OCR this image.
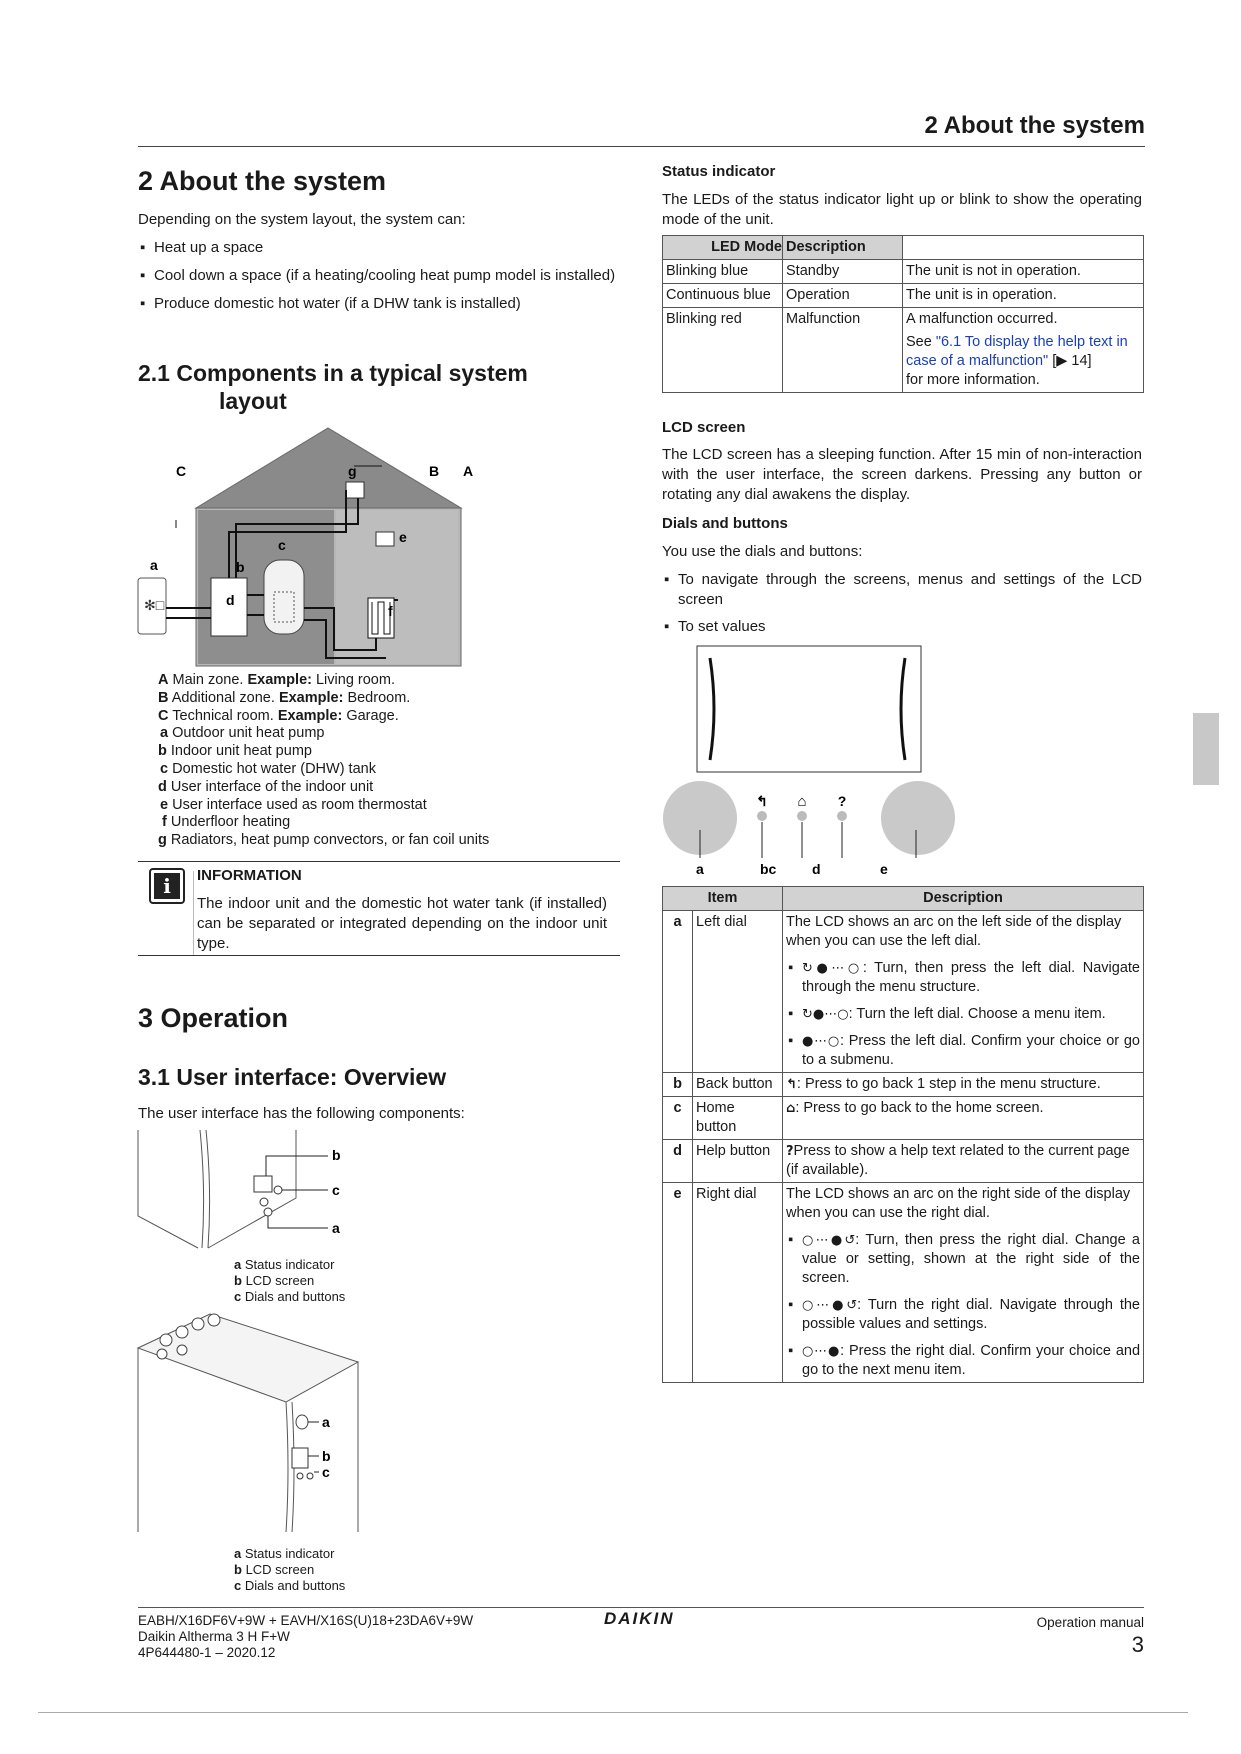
2 About the system
2 About the system
Depending on the system layout, the system can:
▪ Heat up a space
▪ Cool down a space (if a heating/cooling heat pump model is installed)
▪ Produce domestic hot water (if a DHW tank is installed)
2.1 Components in a typical system
layout
✻□
C	g	B A
a	b
c
d
e
f
A Main zone. Example: Living room.
B Additional zone. Example: Bedroom.
C Technical room. Example: Garage.
a Outdoor unit heat pump
b Indoor unit heat pump
c Domestic hot water (DHW) tank
d User interface of the indoor unit
e User interface used as room thermostat
f Underfloor heating
g Radiators, heat pump convectors, or fan coil units
i	INFORMATION
The indoor unit and the domestic hot water tank (if installed) can be separated or integrated depending on the indoor unit type.
3 Operation
3.1 User interface: Overview
The user interface has the following components:
b
c
a
a Status indicator
b LCD screen
c Dials and buttons
a
b
c
a Status indicator
b LCD screen
c Dials and buttons
Status indicator
The LEDs of the status indicator light up or blink to show the operating mode of the unit.
LED Mode	Description	
Blinking blue	Standby	The unit is not in operation.
Continuous blue	Operation	The unit is in operation.
Blinking red	Malfunction	A malfunction occurred.
See "6.1 To display the help text in case of a malfunction" [▶ 14]
for more information.
LCD screen
The LCD screen has a sleeping function. After 15 min of non-interaction with the user interface, the screen darkens. Pressing any button or rotating any dial awakens the display.
Dials and buttons
You use the dials and buttons:
▪ To navigate through the screens, menus and settings of the LCD screen
▪ To set values
↰ ⌂ ?
a	bc	d	e
Item		Description
a	Left dial	The LCD shows an arc on the left side of the display when you can use the left dial.
▪ ↻●⋯○: Turn, then press the left dial. Navigate through the menu structure.
▪ ↻●⋯○: Turn the left dial. Choose a menu item.
▪ ●⋯○: Press the left dial. Confirm your choice or go to a submenu.

b	Back button	↰: Press to go back 1 step in the menu structure.
c	Home button	⌂: Press to go back to the home screen.
d	Help button	?Press to show a help text related to the current page (if available).
e	Right dial	The LCD shows an arc on the right side of the display when you can use the right dial.
▪ ○⋯●↺: Turn, then press the right dial. Change a value or setting, shown at the right side of the screen.
▪ ○⋯●↺: Turn the right dial. Navigate through the possible values and settings.
▪ ○⋯●: Press the right dial. Confirm your choice and go to the next menu item.
EABH/X16DF6V+9W + EAVH/X16S(U)18+23DA6V+9W
Daikin Altherma 3 H F+W
4P644480-1 – 2020.12
DAIKIN	Operation manual
3
